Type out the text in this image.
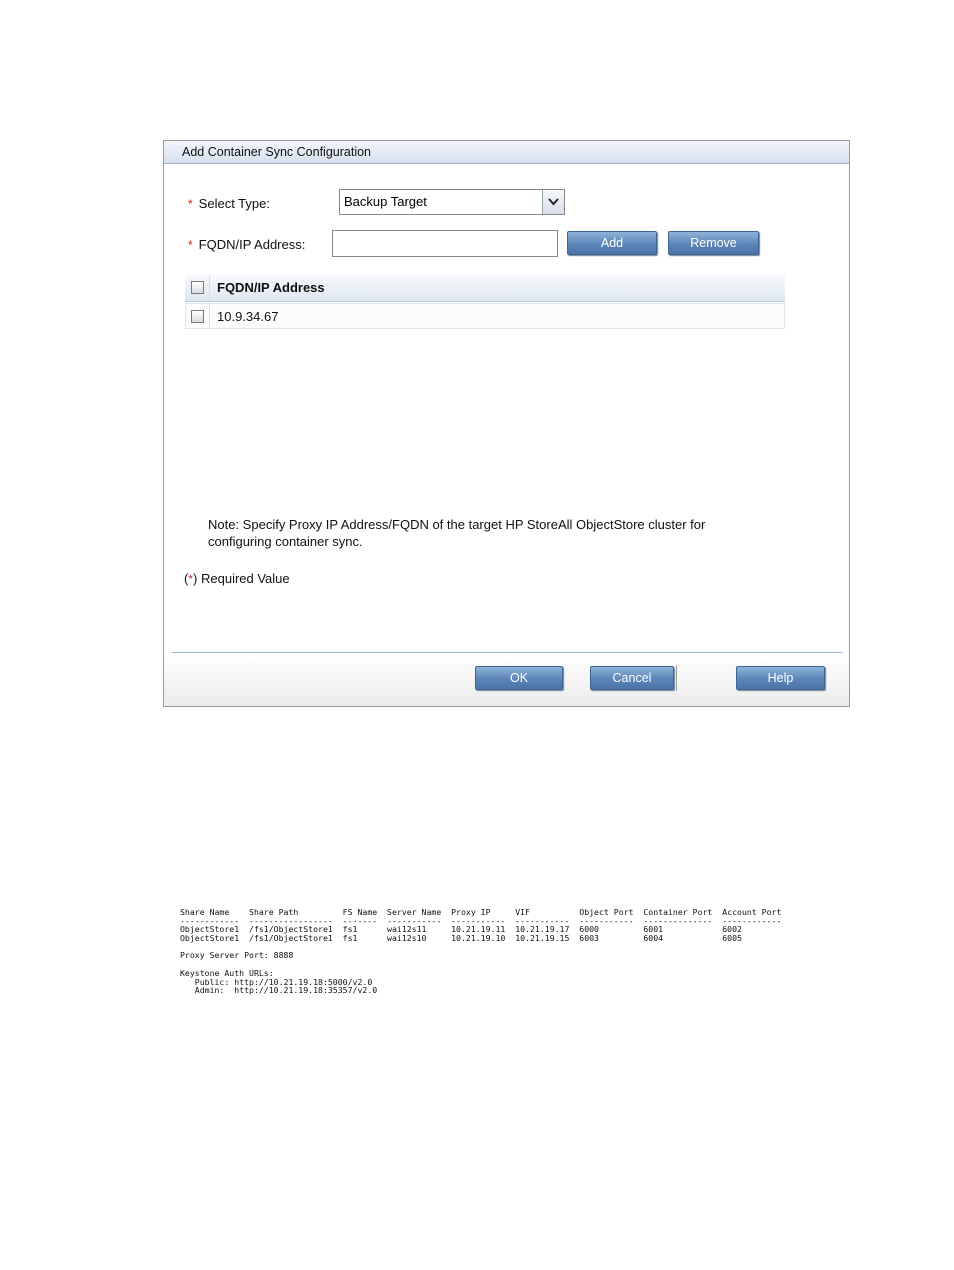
Add Container Sync Configuration
* Select Type:	Backup Target
* FQDN/IP Address:	Add	Remove
FQDN/IP Address
10.9.34.67
Note: Specify Proxy IP Address/FQDN of the target HP StoreAll ObjectStore cluster for configuring container sync.
(*) Required Value
OK	Cancel	Help
Share Name    Share Path         FS Name  Server Name  Proxy IP     VIF          Object Port  Container Port  Account Port
------------  -----------------  -------  -----------  -----------  -----------  -----------  --------------  ------------
ObjectStore1  /fs1/ObjectStore1  fs1      wai12s11     10.21.19.11  10.21.19.17  6000         6001            6002
ObjectStore1  /fs1/ObjectStore1  fs1      wai12s10     10.21.19.10  10.21.19.15  6003         6004            6005
Proxy Server Port: 8888
Keystone Auth URLs:
Public: http://10.21.19.18:5000/v2.0
Admin:  http://10.21.19.18:35357/v2.0
